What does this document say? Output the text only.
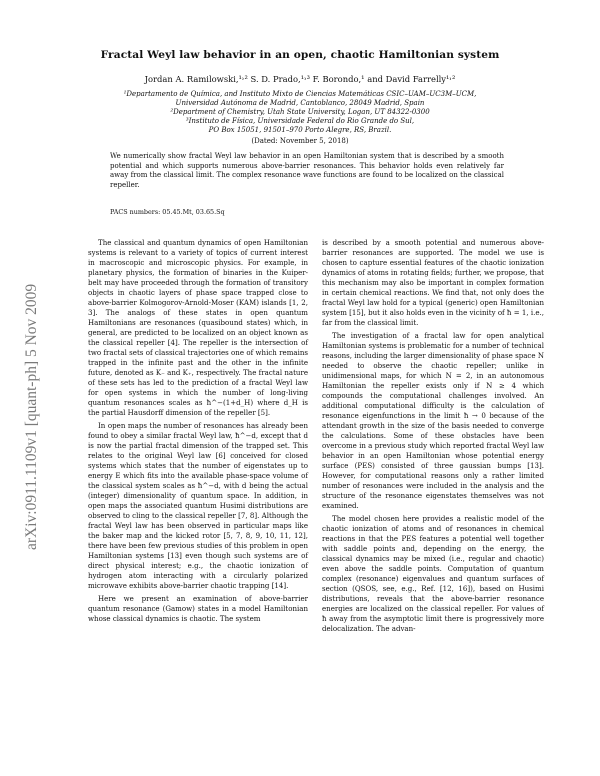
arXiv:0911.1109v1 [quant-ph] 5 Nov 2009
Fractal Weyl law behavior in an open, chaotic Hamiltonian system
Jordan A. Ramilowski,¹˒² S. D. Prado,¹˒³ F. Borondo,¹ and David Farrelly¹˒²
¹Departamento de Química, and Instituto Mixto de Ciencias Matemáticas CSIC–UAM–UC3M–UCM,
Universidad Autónoma de Madrid, Cantoblanco, 28049 Madrid, Spain
²Department of Chemistry, Utah State University, Logan, UT 84322-0300
³Instituto de Física, Universidade Federal do Rio Grande do Sul,
PO Box 15051, 91501–970 Porto Alegre, RS, Brazil.
(Dated: November 5, 2018)
We numerically show fractal Weyl law behavior in an open Hamiltonian system that is described by a smooth potential and which supports numerous above-barrier resonances. This behavior holds even relatively far away from the classical limit. The complex resonance wave functions are found to be localized on the classical repeller.
PACS numbers: 05.45.Mt, 03.65.Sq

The classical and quantum dynamics of open Hamiltonian systems is relevant to a variety of topics of current interest in macroscopic and microscopic physics. For example, in planetary physics, the formation of binaries in the Kuiper-belt may have proceeded through the formation of transitory objects in chaotic layers of phase space trapped close to above-barrier Kolmogorov-Arnold-Moser (KAM) islands [1, 2, 3]. The analogs of these states in open quantum Hamiltonians are resonances (quasibound states) which, in general, are predicted to be localized on an object known as the classical repeller [4]. The repeller is the intersection of two fractal sets of classical trajectories one of which remains trapped in the infinite past and the other in the infinite future, denoted as K₋ and K₊, respectively. The fractal nature of these sets has led to the prediction of a fractal Weyl law for open systems in which the number of long-living quantum resonances scales as ħ^−(1+d_H) where d_H is the partial Hausdorff dimension of the repeller [5].

In open maps the number of resonances has already been found to obey a similar fractal Weyl law, ħ^−d, except that d is now the partial fractal dimension of the trapped set. This relates to the original Weyl law [6] conceived for closed systems which states that the number of eigenstates up to energy E which fits into the available phase-space volume of the classical system scales as ħ^−d, with d being the actual (integer) dimensionality of quantum space. In addition, in open maps the associated quantum Husimi distributions are observed to cling to the classical repeller [7, 8]. Although the fractal Weyl law has been observed in particular maps like the baker map and the kicked rotor [5, 7, 8, 9, 10, 11, 12], there have been few previous studies of this problem in open Hamiltonian systems [13] even though such systems are of direct physical interest; e.g., the chaotic ionization of hydrogen atom interacting with a circularly polarized microwave exhibits above-barrier chaotic trapping [14].

Here we present an examination of above-barrier quantum resonance (Gamow) states in a model Hamiltonian whose classical dynamics is chaotic. The system

is described by a smooth potential and numerous above-barrier resonances are supported. The model we use is chosen to capture essential features of the chaotic ionization dynamics of atoms in rotating fields; further, we propose, that this mechanism may also be important in complex formation in certain chemical reactions. We find that, not only does the fractal Weyl law hold for a typical (generic) open Hamiltonian system [15], but it also holds even in the vicinity of ħ = 1, i.e., far from the classical limit.

The investigation of a fractal law for open analytical Hamiltonian systems is problematic for a number of technical reasons, including the larger dimensionality of phase space N needed to observe the chaotic repeller; unlike in unidimensional maps, for which N = 2, in an autonomous Hamiltonian the repeller exists only if N ≥ 4 which compounds the computational challenges involved. An additional computational difficulty is the calculation of resonance eigenfunctions in the limit ħ → 0 because of the attendant growth in the size of the basis needed to converge the calculations. Some of these obstacles have been overcome in a previous study which reported fractal Weyl law behavior in an open Hamiltonian whose potential energy surface (PES) consisted of three gaussian bumps [13]. However, for computational reasons only a rather limited number of resonances were included in the analysis and the structure of the resonance eigenstates themselves was not examined.

The model chosen here provides a realistic model of the chaotic ionization of atoms and of resonances in chemical reactions in that the PES features a potential well together with saddle points and, depending on the energy, the classical dynamics may be mixed (i.e., regular and chaotic) even above the saddle points. Computation of quantum complex (resonance) eigenvalues and quantum surfaces of section (QSOS, see, e.g., Ref. [12, 16]), based on Husimi distributions, reveals that the above-barrier resonance energies are localized on the classical repeller. For values of ħ away from the asymptotic limit there is progressively more delocalization. The advan-
